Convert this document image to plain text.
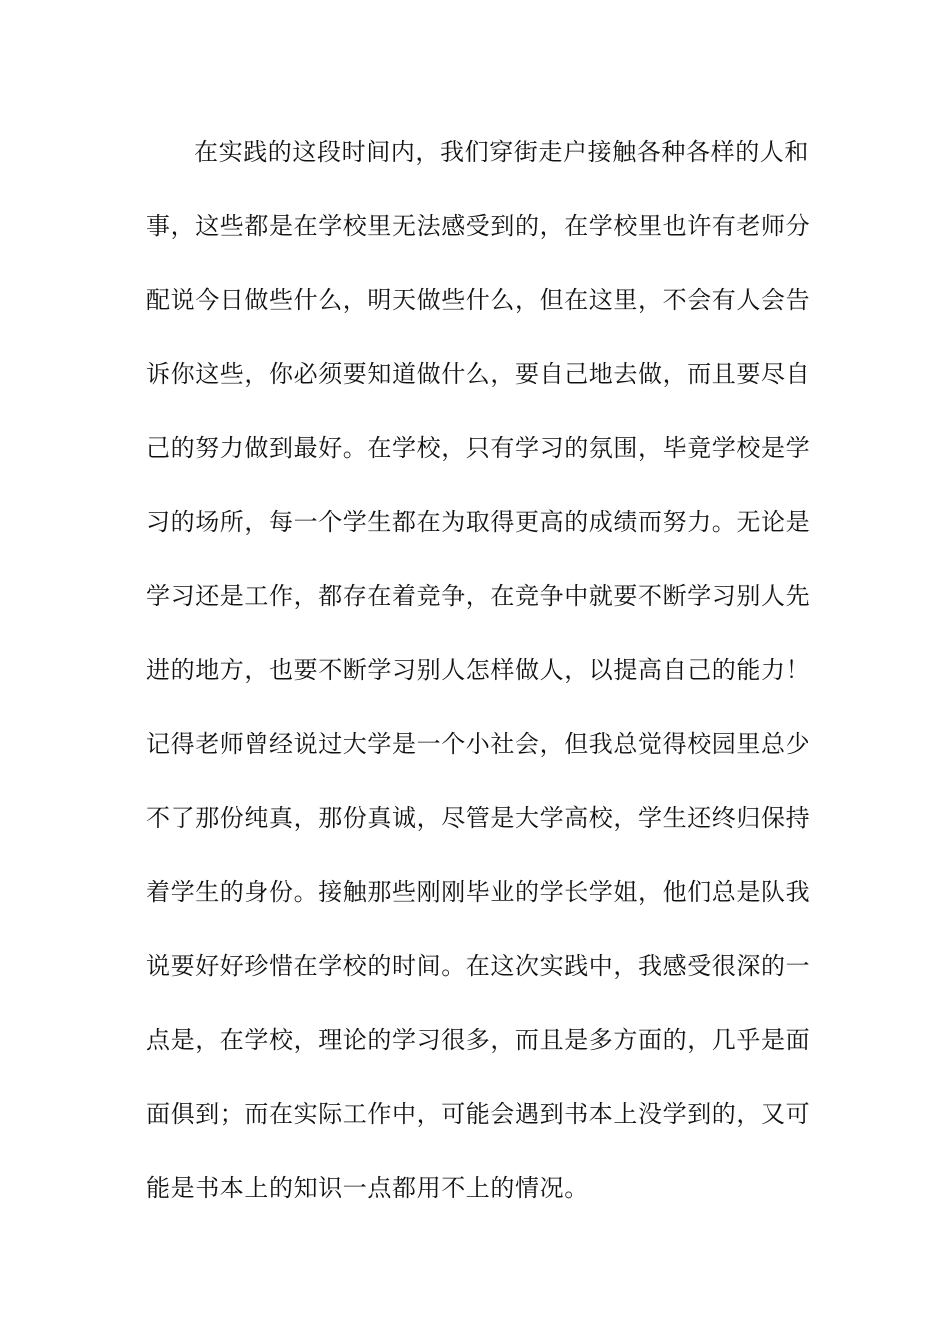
在实践的这段时间内，我们穿街走户接触各种各样的人和
事，这些都是在学校里无法感受到的，在学校里也许有老师分
配说今日做些什么，明天做些什么，但在这里，不会有人会告
诉你这些，你必须要知道做什么，要自己地去做，而且要尽自
己的努力做到最好。在学校，只有学习的氛围，毕竟学校是学
习的场所，每一个学生都在为取得更高的成绩而努力。无论是
学习还是工作，都存在着竞争，在竞争中就要不断学习别人先
进的地方，也要不断学习别人怎样做人，以提高自己的能力！
记得老师曾经说过大学是一个小社会，但我总觉得校园里总少
不了那份纯真，那份真诚，尽管是大学高校，学生还终归保持
着学生的身份。接触那些刚刚毕业的学长学姐，他们总是队我
说要好好珍惜在学校的时间。在这次实践中，我感受很深的一
点是，在学校，理论的学习很多，而且是多方面的，几乎是面
面俱到；而在实际工作中，可能会遇到书本上没学到的，又可
能是书本上的知识一点都用不上的情况。
